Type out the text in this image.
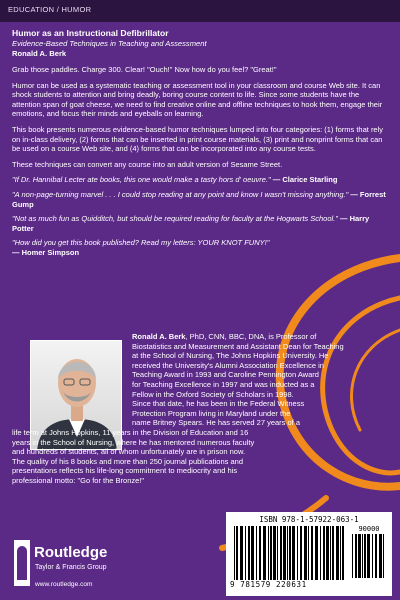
EDUCATION / HUMOR
Humor as an Instructional Defibrillator
Evidence-Based Techniques in Teaching and Assessment
Ronald A. Berk

Grab those paddles. Charge 300. Clear! "Ouch!" Now how do you feel? "Great!"

Humor can be used as a systematic teaching or assessment tool in your classroom and course Web site. It can shock students to attention and bring deadly, boring course content to life. Since some students have the attention span of goat cheese, we need to find creative online and offline techniques to hook them, engage their emotions, and focus their minds and eyeballs on learning.

This book presents numerous evidence-based humor techniques lumped into four categories: (1) forms that rely on in-class delivery, (2) forms that can be inserted in print course materials, (3) print and nonprint forms that can be used on a course Web site, and (4) forms that can be incorporated into any course tests.

These techniques can convert any course into an adult version of Sesame Street.

"If Dr. Hannibal Lecter ate books, this one would make a tasty hors d' oeuvre." — Clarice Starling
"A non-page-turning marvel . . . I could stop reading at any point and know I wasn't missing anything." — Forrest Gump
"Not as much fun as Quidditch, but should be required reading for faculty at the Hogwarts School." — Harry Potter
"How did you get this book published? Read my letters: YOUR KNOT FUNY!"
— Homer Simpson
Ronald A. Berk, PhD, CNN, BBC, DNA, is Professor of
Biostatistics and Measurement and Assistant Dean for Teaching
at the School of Nursing, The Johns Hopkins University. He
received the University's Alumni Association Excellence in
Teaching Award in 1993 and Caroline Pennington Award
for Teaching Excellence in 1997 and was inducted as a
Fellow in the Oxford Society of Scholars in 1998.
Since that date, he has been in the Federal Witness
Protection Program living in Maryland under the
name Britney Spears. He has served 27 years of a
life term at Johns Hopkins, 11 years in the Division of Education and 16
years in the School of Nursing, where he has mentored numerous faculty
and hundreds of students, all of whom unfortunately are in prison now.
The quality of his 8 books and more than 250 journal publications and
presentations reflects his life-long commitment to mediocrity and his
professional motto: "Go for the Bronze!"
Routledge
Taylor & Francis Group
www.routledge.com
ISBN 978-1-57922-063-1
90000
9 781579 220631
